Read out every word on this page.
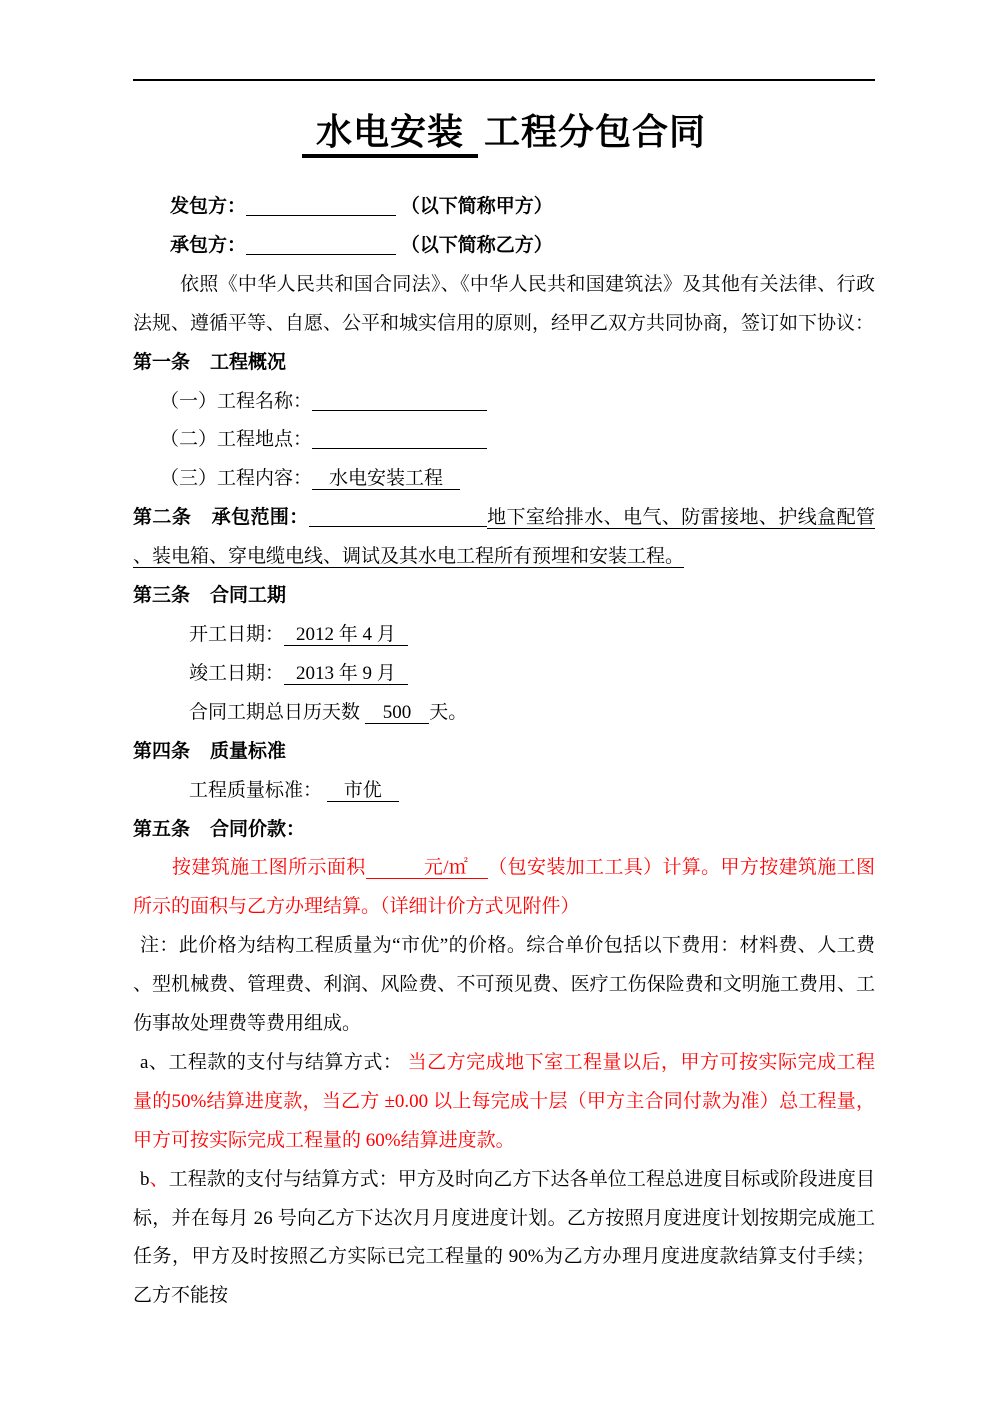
水电安装 工程分包合同

发包方：	（以下简称甲方）

承包方：	（以下简称乙方）

依照《中华人民共和国合同法》、《中华人民共和国建筑法》及其他有关法律、行政法规、遵循平等、自愿、公平和城实信用的原则，经甲乙双方共同协商，签订如下协议：

第一条 工程概况

（一）工程名称：

（二）工程地点：

（三）工程内容： 水电安装工程

第二条 承包范围：	地下室给排水、电气、防雷接地、护线盒配管、装电箱、穿电缆电线、调试及其水电工程所有预埋和安装工程。

第三条 合同工期

开工日期： 2012 年 4 月

竣工日期： 2013 年 9 月

合同工期总日历天数 500 天。

第四条 质量标准

工程质量标准： 市优

第五条 合同价款：

按建筑施工图所示面积	元/㎡ （包安装加工工具）计算。甲方按建筑施工图所示的面积与乙方办理结算。（详细计价方式见附件）

注：此价格为结构工程质量为“市优”的价格。综合单价包括以下费用：材料费、人工费、型机械费、管理费、利润、风险费、不可预见费、医疗工伤保险费和文明施工费用、工伤事故处理费等费用组成。

a、工程款的支付与结算方式： 当乙方完成地下室工程量以后，甲方可按实际完成工程量的50%结算进度款，当乙方 ±0.00 以上每完成十层（甲方主合同付款为准）总工程量，甲方可按实际完成工程量的 60%结算进度款。

b、工程款的支付与结算方式：甲方及时向乙方下达各单位工程总进度目标或阶段进度目标，并在每月 26 号向乙方下达次月月度进度计划。乙方按照月度进度计划按期完成施工任务，甲方及时按照乙方实际已完工程量的 90%为乙方办理月度进度款结算支付手续；乙方不能按
